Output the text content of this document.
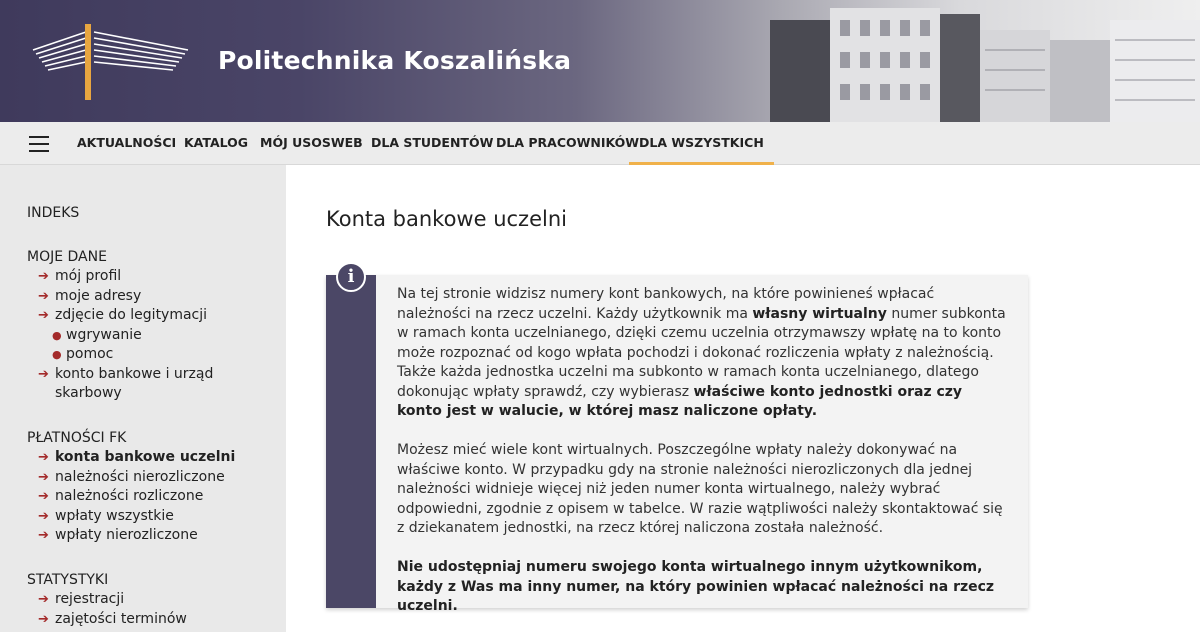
Politechnika Koszalińska
AKTUALNOŚCI KATALOG MÓJ USOSWEB DLA STUDENTÓW DLA PRACOWNIKÓW DLA WSZYSTKICH
INDEKS
MOJE DANE
➔ mój profil
➔ moje adresy
➔ zdjęcie do legitymacji
● wgrywanie
● pomoc
➔ konto bankowe i urząd skarbowy
PŁATNOŚCI FK
➔ konta bankowe uczelni
➔ należności nierozliczone
➔ należności rozliczone
➔ wpłaty wszystkie
➔ wpłaty nierozliczone
STATYSTYKI
➔ rejestracji
➔ zajętości terminów
Konta bankowe uczelni
i

Na tej stronie widzisz numery kont bankowych, na które powinieneś wpłacać należności na rzecz uczelni. Każdy użytkownik ma własny wirtualny numer subkonta w ramach konta uczelnianego, dzięki czemu uczelnia otrzymawszy wpłatę na to konto może rozpoznać od kogo wpłata pochodzi i dokonać rozliczenia wpłaty z należnością. Także każda jednostka uczelni ma subkonto w ramach konta uczelnianego, dlatego dokonując wpłaty sprawdź, czy wybierasz właściwe konto jednostki oraz czy konto jest w walucie, w której masz naliczone opłaty.

Możesz mieć wiele kont wirtualnych. Poszczególne wpłaty należy dokonywać na właściwe konto. W przypadku gdy na stronie należności nierozliczonych dla jednej należności widnieje więcej niż jeden numer konta wirtualnego, należy wybrać odpowiedni, zgodnie z opisem w tabelce. W razie wątpliwości należy skontaktować się z dziekanatem jednostki, na rzecz której naliczona została należność.

Nie udostępniaj numeru swojego konta wirtualnego innym użytkownikom, każdy z Was ma inny numer, na który powinien wpłacać należności na rzecz uczelni.
